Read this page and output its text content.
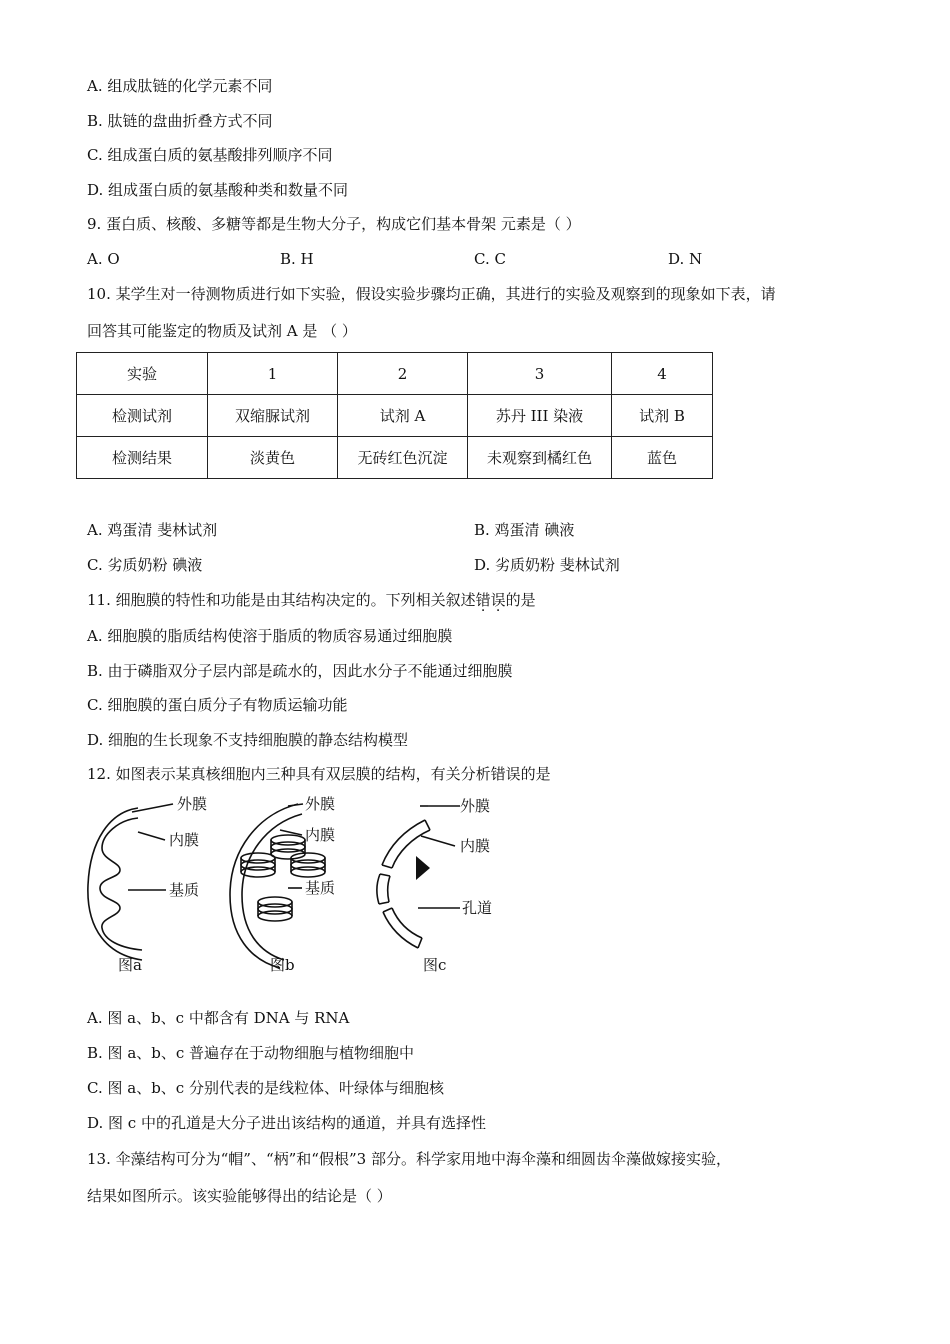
A. 组成肽链的化学元素不同
B. 肽链的盘曲折叠方式不同
C. 组成蛋白质的氨基酸排列顺序不同
D. 组成蛋白质的氨基酸种类和数量不同
9. 蛋白质、核酸、多糖等都是生物大分子，构成它们基本骨架 元素是（ ）
A. O	B. H	C. C	D. N
10. 某学生对一待测物质进行如下实验，假设实验步骤均正确，其进行的实验及观察到的现象如下表，请
回答其可能鉴定的物质及试剂 A 是 （ ）
实验	1	2	3	4
检测试剂	双缩脲试剂	试剂 A	苏丹 III 染液	试剂 B
检测结果	淡黄色	无砖红色沉淀	未观察到橘红色	蓝色
A. 鸡蛋清 斐林试剂	B. 鸡蛋清 碘液
C. 劣质奶粉 碘液	D. 劣质奶粉 斐林试剂
11. 细胞膜的特性和功能是由其结构决定的。下列相关叙述错误的是
A. 细胞膜的脂质结构使溶于脂质的物质容易通过细胞膜
B. 由于磷脂双分子层内部是疏水的，因此水分子不能通过细胞膜
C. 细胞膜的蛋白质分子有物质运输功能
D. 细胞的生长现象不支持细胞膜的静态结构模型
12. 如图表示某真核细胞内三种具有双层膜的结构，有关分析错误的是
外膜
内膜
基质
外膜
内膜
基质
外膜
内膜
孔道
图a	图b	图c
A. 图 a、b、c 中都含有 DNA 与 RNA
B. 图 a、b、c 普遍存在于动物细胞与植物细胞中
C. 图 a、b、c 分别代表的是线粒体、叶绿体与细胞核
D. 图 c 中的孔道是大分子进出该结构的通道，并具有选择性
13. 伞藻结构可分为“帽”、“柄”和“假根”3 部分。科学家用地中海伞藻和细圆齿伞藻做嫁接实验，
结果如图所示。该实验能够得出的结论是（ ）
